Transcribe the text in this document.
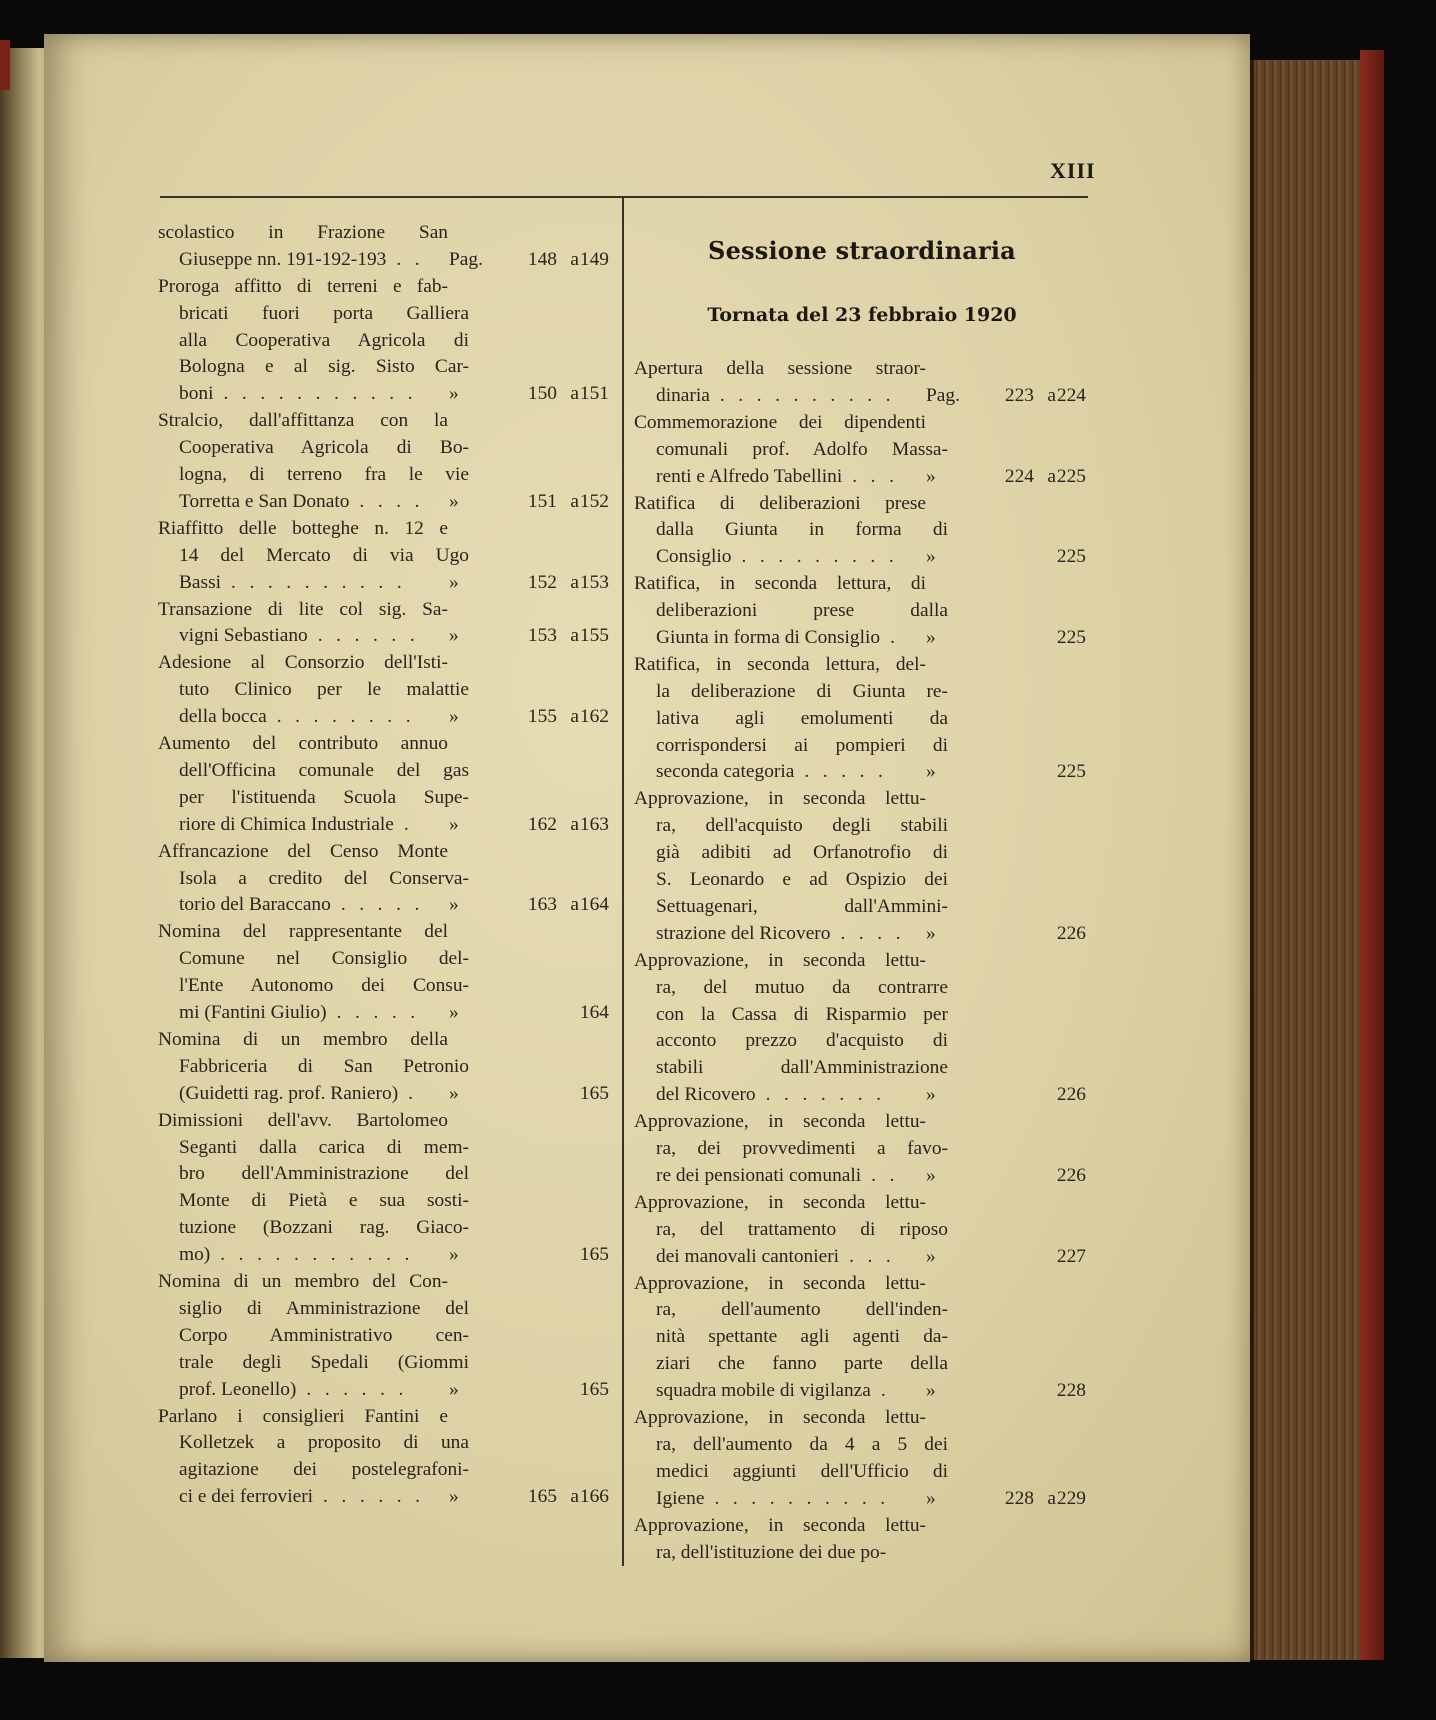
XIII
Sessione straordinaria
Tornata del 23 febbraio 1920
scolastico in Frazione San
Giuseppe nn. 191-192-193 .  . Pag. 148 a 149
Proroga affitto di terreni e fab-
bricati fuori porta Galliera
alla Cooperativa Agricola di
Bologna e al sig. Sisto Car-
boni .  .  .  .  .  .  .  .  .  .  . »	150 a 151
Stralcio, dall'affittanza con la
Cooperativa Agricola di Bo-
logna, di terreno fra le vie
Torretta e San Donato .  .  .  . »	151 a 152
Riaffitto delle botteghe n. 12 e
14 del Mercato di via Ugo
Bassi .  .  .  .  .  .  .  .  .  . »	152 a 153
Transazione di lite col sig. Sa-
vigni Sebastiano .  .  .  .  .  . »	153 a 155
Adesione al Consorzio dell'Isti-
tuto Clinico per le malattie
della bocca .  .  .  .  .  .  .  . »	155 a 162
Aumento del contributo annuo
dell'Officina comunale del gas
per l'istituenda Scuola Supe-
riore di Chimica Industriale . »	162 a 163
Affrancazione del Censo Monte
Isola a credito del Conserva-
torio del Baraccano .  .  .  .  . »	163 a 164
Nomina del rappresentante del
Comune nel Consiglio del-
l'Ente Autonomo dei Consu-
mi (Fantini Giulio) .  .  .  .  . »	164
Nomina di un membro della
Fabbriceria di San Petronio
(Guidetti rag. prof. Raniero) . »	165
Dimissioni dell'avv. Bartolomeo
Seganti dalla carica di mem-
bro dell'Amministrazione del
Monte di Pietà e sua sosti-
tuzione (Bozzani rag. Giaco-
mo) .  .  .  .  .  .  .  .  .  .  . »	165
Nomina di un membro del Con-
siglio di Amministrazione del
Corpo Amministrativo cen-
trale degli Spedali (Giommi
prof. Leonello) .  .  .  .  .  . »	165
Parlano i consiglieri Fantini e
Kolletzek a proposito di una
agitazione dei postelegrafoni-
ci e dei ferrovieri .  .  .  .  .  . »	165 a 166
Apertura della sessione straor-
dinaria .  .  .  .  .  .  .  .  .  . Pag. 223 a 224
Commemorazione dei dipendenti
comunali prof. Adolfo Massa-
renti e Alfredo Tabellini .  .  . »	224 a 225
Ratifica di deliberazioni prese
dalla Giunta in forma di
Consiglio .  .  .  .  .  .  .  .  . »	225
Ratifica, in seconda lettura, di
deliberazioni prese dalla
Giunta in forma di Consiglio . »	225
Ratifica, in seconda lettura, del-
la deliberazione di Giunta re-
lativa agli emolumenti da
corrispondersi ai pompieri di
seconda categoria .  .  .  .  . »	225
Approvazione, in seconda lettu-
ra, dell'acquisto degli stabili
già adibiti ad Orfanotrofio di
S. Leonardo e ad Ospizio dei
Settuagenari, dall'Ammini-
strazione del Ricovero .  .  .  . »	226
Approvazione, in seconda lettu-
ra, del mutuo da contrarre
con la Cassa di Risparmio per
acconto prezzo d'acquisto di
stabili dall'Amministrazione
del Ricovero .  .  .  .  .  .  . »	226
Approvazione, in seconda lettu-
ra, dei provvedimenti a favo-
re dei pensionati comunali .  . »	226
Approvazione, in seconda lettu-
ra, del trattamento di riposo
dei manovali cantonieri .  .  . »	227
Approvazione, in seconda lettu-
ra, dell'aumento dell'inden-
nità spettante agli agenti da-
ziari che fanno parte della
squadra mobile di vigilanza . »	228
Approvazione, in seconda lettu-
ra, dell'aumento da 4 a 5 dei
medici aggiunti dell'Ufficio di
Igiene .  .  .  .  .  .  .  .  .  . »	228 a 229
Approvazione, in seconda lettu-
ra, dell'istituzione dei due po-
